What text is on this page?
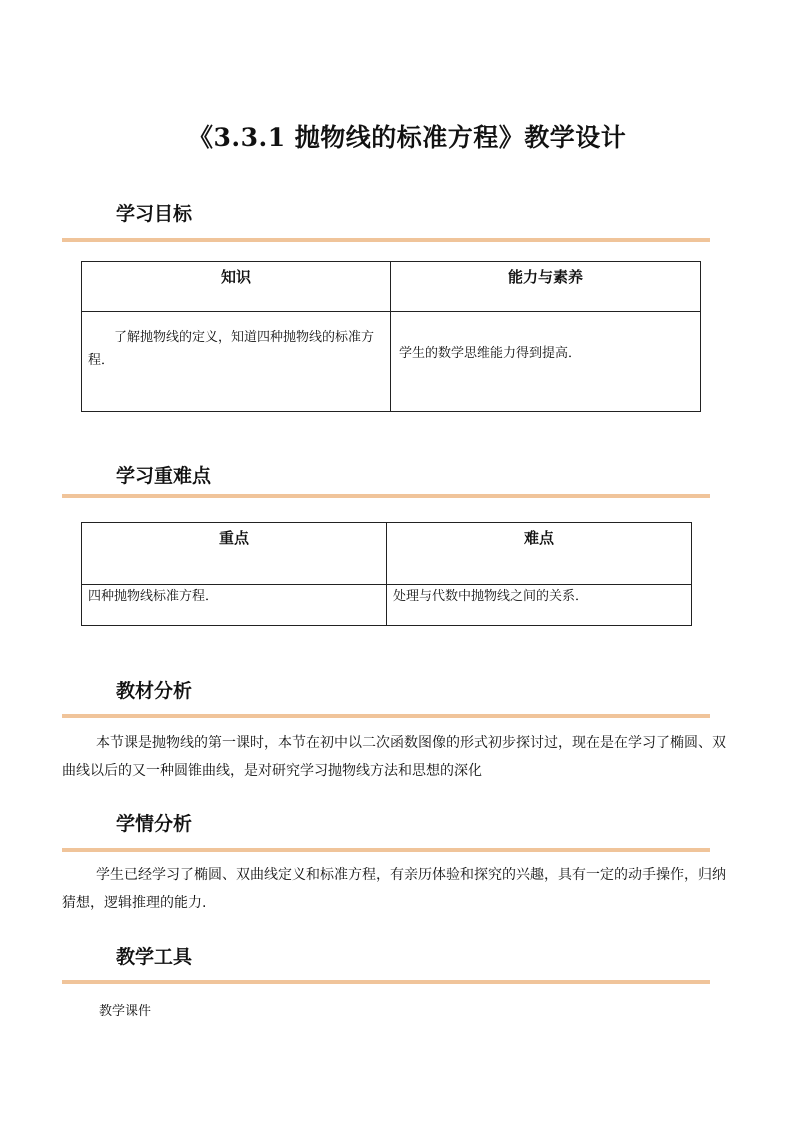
《3.3.1 抛物线的标准方程》教学设计
学习目标
知识	能力与素养

了解抛物线的定义，知道四种抛物线的标准方程．	学生的数学思维能力得到提高．
学习重难点
重点	难点

四种抛物线标准方程．	处理与代数中抛物线之间的关系．
教材分析
本节课是抛物线的第一课时，本节在初中以二次函数图像的形式初步探讨过，现在是在学习了椭圆、双曲线以后的又一种圆锥曲线，是对研究学习抛物线方法和思想的深化
学情分析
学生已经学习了椭圆、双曲线定义和标准方程，有亲历体验和探究的兴趣，具有一定的动手操作，归纳猜想，逻辑推理的能力.
教学工具
教学课件
